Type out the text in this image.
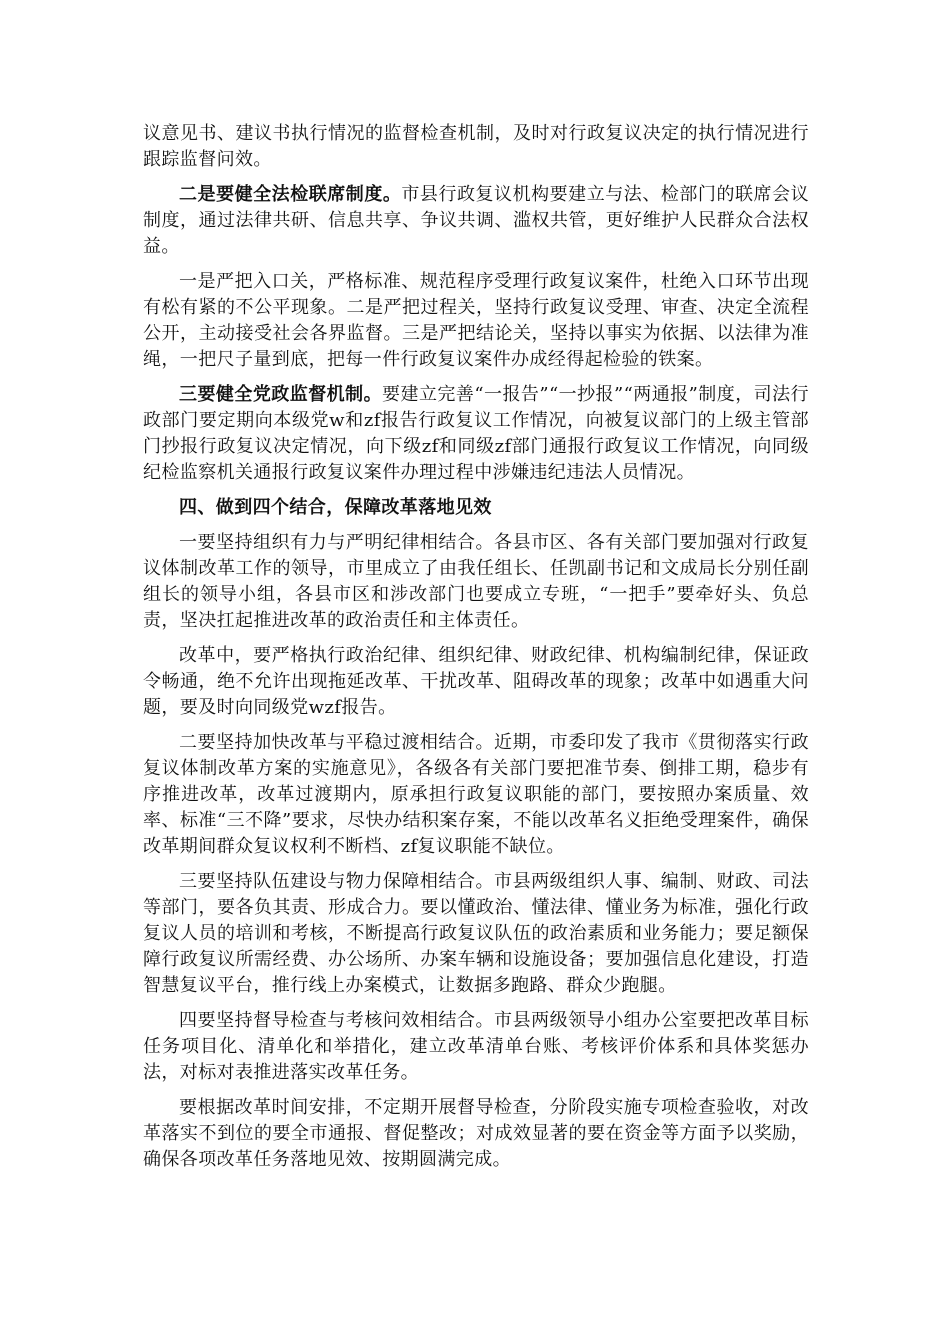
议意见书、建议书执行情况的监督检查机制，及时对行政复议决定的执行情况进行跟踪监督问效。

二是要健全法检联席制度。市县行政复议机构要建立与法、检部门的联席会议制度，通过法律共研、信息共享、争议共调、滥权共管，更好维护人民群众合法权益。

一是严把入口关，严格标准、规范程序受理行政复议案件，杜绝入口环节出现有松有紧的不公平现象。二是严把过程关，坚持行政复议受理、审查、决定全流程公开，主动接受社会各界监督。三是严把结论关，坚持以事实为依据、以法律为准绳，一把尺子量到底，把每一件行政复议案件办成经得起检验的铁案。

三要健全党政监督机制。要建立完善“一报告”“一抄报”“两通报”制度，司法行政部门要定期向本级党w和zf报告行政复议工作情况，向被复议部门的上级主管部门抄报行政复议决定情况，向下级zf和同级zf部门通报行政复议工作情况，向同级纪检监察机关通报行政复议案件办理过程中涉嫌违纪违法人员情况。

四、做到四个结合，保障改革落地见效

一要坚持组织有力与严明纪律相结合。各县市区、各有关部门要加强对行政复议体制改革工作的领导，市里成立了由我任组长、任凯副书记和文成局长分别任副组长的领导小组，各县市区和涉改部门也要成立专班，“一把手”要牵好头、负总责，坚决扛起推进改革的政治责任和主体责任。

改革中，要严格执行政治纪律、组织纪律、财政纪律、机构编制纪律，保证政令畅通，绝不允许出现拖延改革、干扰改革、阻碍改革的现象；改革中如遇重大问题，要及时向同级党wzf报告。

二要坚持加快改革与平稳过渡相结合。近期，市委印发了我市《贯彻落实行政复议体制改革方案的实施意见》，各级各有关部门要把准节奏、倒排工期，稳步有序推进改革，改革过渡期内，原承担行政复议职能的部门，要按照办案质量、效率、标准“三不降”要求，尽快办结积案存案，不能以改革名义拒绝受理案件，确保改革期间群众复议权利不断档、zf复议职能不缺位。

三要坚持队伍建设与物力保障相结合。市县两级组织人事、编制、财政、司法等部门，要各负其责、形成合力。要以懂政治、懂法律、懂业务为标准，强化行政复议人员的培训和考核，不断提高行政复议队伍的政治素质和业务能力；要足额保障行政复议所需经费、办公场所、办案车辆和设施设备；要加强信息化建设，打造智慧复议平台，推行线上办案模式，让数据多跑路、群众少跑腿。

四要坚持督导检查与考核问效相结合。市县两级领导小组办公室要把改革目标任务项目化、清单化和举措化，建立改革清单台账、考核评价体系和具体奖惩办法，对标对表推进落实改革任务。

要根据改革时间安排，不定期开展督导检查，分阶段实施专项检查验收，对改革落实不到位的要全市通报、督促整改；对成效显著的要在资金等方面予以奖励，确保各项改革任务落地见效、按期圆满完成。
